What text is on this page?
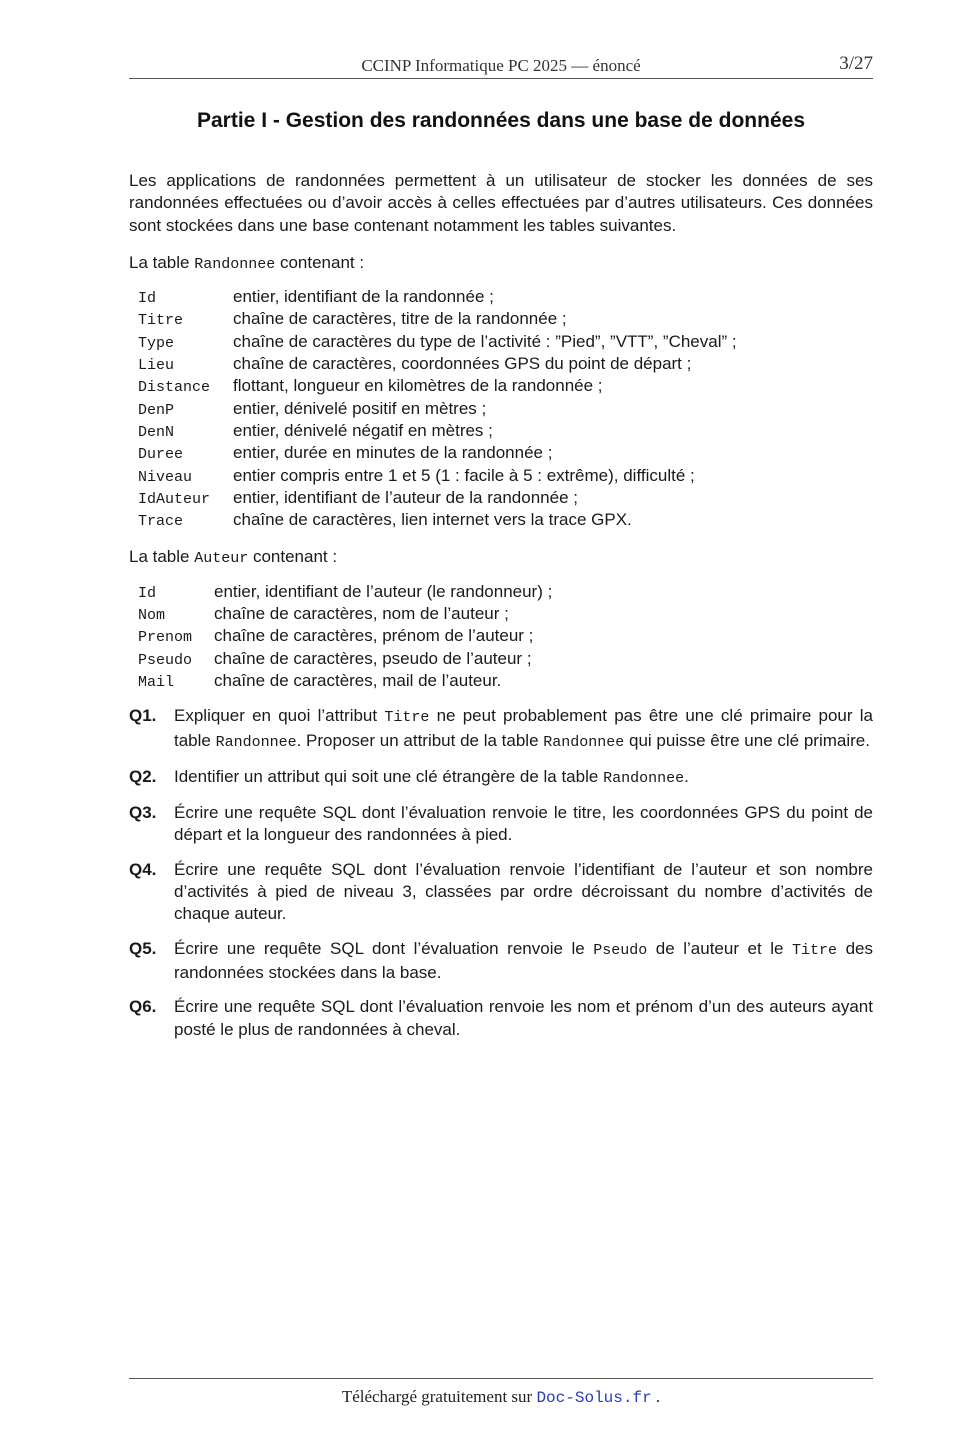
CCINP Informatique PC 2025 — énoncé	3/27
Partie I - Gestion des randonnées dans une base de données

Les applications de randonnées permettent à un utilisateur de stocker les données de ses randonnées effectuées ou d’avoir accès à celles effectuées par d’autres utilisateurs. Ces données sont stockées dans une base contenant notamment les tables suivantes.

La table Randonnee contenant :

Id	entier, identifiant de la randonnée ;
Titre	chaîne de caractères, titre de la randonnée ;
Type	chaîne de caractères du type de l’activité : ”Pied”, ”VTT”, ”Cheval” ;
Lieu	chaîne de caractères, coordonnées GPS du point de départ ;
Distance	flottant, longueur en kilomètres de la randonnée ;
DenP	entier, dénivelé positif en mètres ;
DenN	entier, dénivelé négatif en mètres ;
Duree	entier, durée en minutes de la randonnée ;
Niveau	entier compris entre 1 et 5 (1 : facile à 5 : extrême), difficulté ;
IdAuteur	entier, identifiant de l’auteur de la randonnée ;
Trace	chaîne de caractères, lien internet vers la trace GPX.

La table Auteur contenant :

Id	entier, identifiant de l’auteur (le randonneur) ;
Nom	chaîne de caractères, nom de l’auteur ;
Prenom	chaîne de caractères, prénom de l’auteur ;
Pseudo	chaîne de caractères, pseudo de l’auteur ;
Mail	chaîne de caractères, mail de l’auteur.
Q1.	Expliquer en quoi l’attribut Titre ne peut probablement pas être une clé primaire pour la table Randonnee. Proposer un attribut de la table Randonnee qui puisse être une clé primaire.
Q2.	Identifier un attribut qui soit une clé étrangère de la table Randonnee.
Q3.	Écrire une requête SQL dont l’évaluation renvoie le titre, les coordonnées GPS du point de départ et la longueur des randonnées à pied.
Q4.	Écrire une requête SQL dont l’évaluation renvoie l’identifiant de l’auteur et son nombre d’activités à pied de niveau 3, classées par ordre décroissant du nombre d’activités de chaque auteur.
Q5.	Écrire une requête SQL dont l’évaluation renvoie le Pseudo de l’auteur et le Titre des randonnées stockées dans la base.
Q6.	Écrire une requête SQL dont l’évaluation renvoie les nom et prénom d’un des auteurs ayant posté le plus de randonnées à cheval.
Téléchargé gratuitement sur Doc-Solus.fr .
